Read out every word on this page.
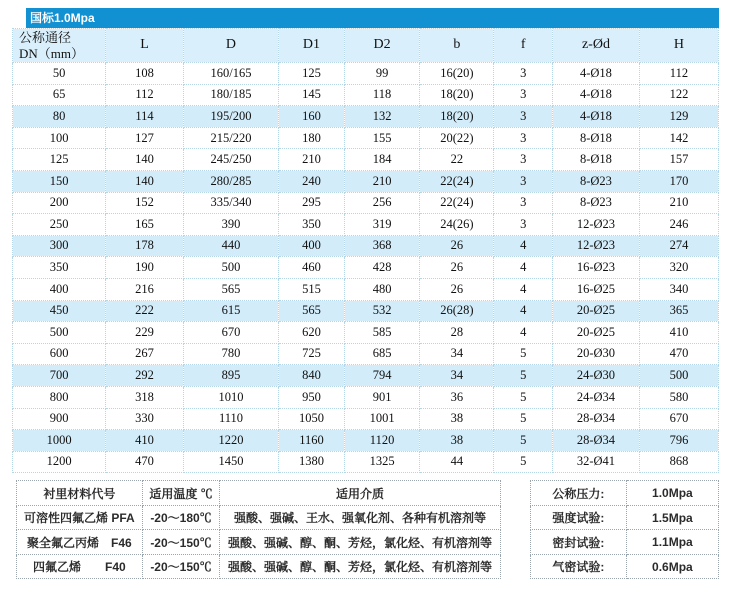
国标1.0Mpa
公称通径
DN（mm）	L	D	D1	D2	b	f	z-Ød	H
50	108	160/165	125	99	16(20)	3	4-Ø18	112
65	112	180/185	145	118	18(20)	3	4-Ø18	122
80	114	195/200	160	132	18(20)	3	4-Ø18	129
100	127	215/220	180	155	20(22)	3	8-Ø18	142
125	140	245/250	210	184	22	3	8-Ø18	157
150	140	280/285	240	210	22(24)	3	8-Ø23	170
200	152	335/340	295	256	22(24)	3	8-Ø23	210
250	165	390	350	319	24(26)	3	12-Ø23	246
300	178	440	400	368	26	4	12-Ø23	274
350	190	500	460	428	26	4	16-Ø23	320
400	216	565	515	480	26	4	16-Ø25	340
450	222	615	565	532	26(28)	4	20-Ø25	365
500	229	670	620	585	28	4	20-Ø25	410
600	267	780	725	685	34	5	20-Ø30	470
700	292	895	840	794	34	5	24-Ø30	500
800	318	1010	950	901	36	5	24-Ø34	580
900	330	1110	1050	1001	38	5	28-Ø34	670
1000	410	1220	1160	1120	38	5	28-Ø34	796
1200	470	1450	1380	1325	44	5	32-Ø41	868
衬里材料代号	适用温度 ℃	适用介质
可溶性四氟乙烯 PFA	-20～180℃	强酸、强碱、王水、强氧化剂、各种有机溶剂等
聚全氟乙丙烯　F46	-20～150℃	强酸、强碱、醇、酮、芳烃，氯化烃、有机溶剂等
四氟乙烯　　F40	-20～150℃	强酸、强碱、醇、酮、芳烃，氯化烃、有机溶剂等
公称压力:	1.0Mpa
强度试验:	1.5Mpa
密封试验:	1.1Mpa
气密试验:	0.6Mpa
